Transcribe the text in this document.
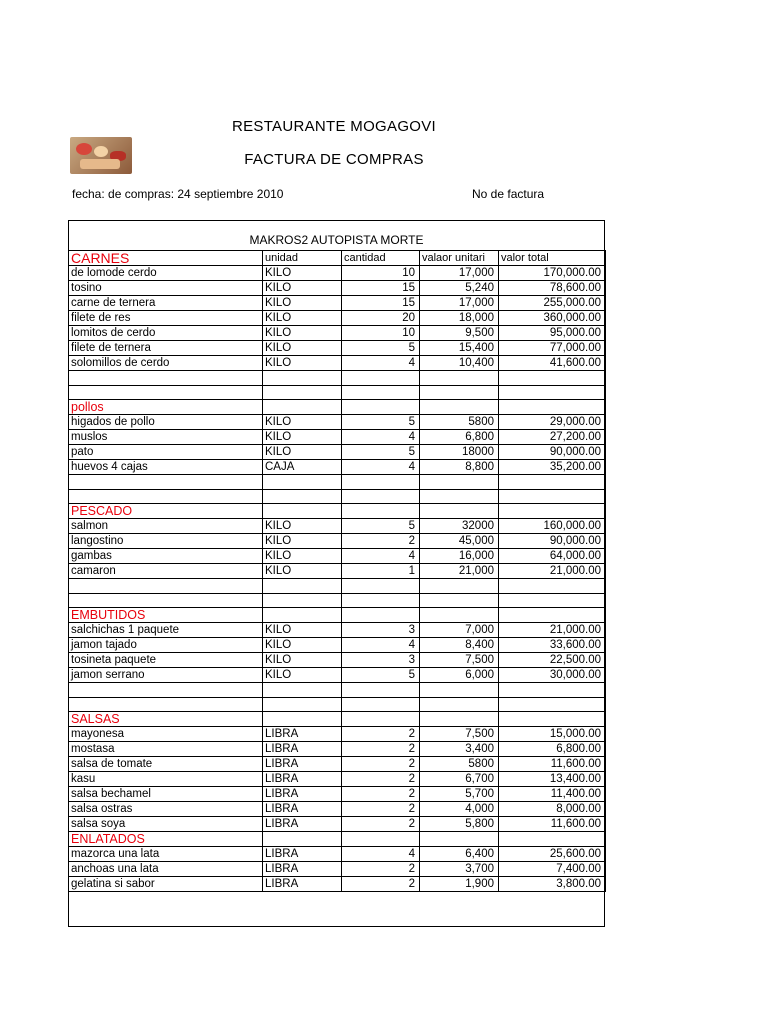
RESTAURANTE MOGAGOVI
FACTURA DE COMPRAS
fecha: de compras: 24 septiembre 2010	No de factura
MAKROS2 AUTOPISTA MORTE
CARNES	unidad	cantidad	valaor unitari	valor total
de lomode cerdo	KILO	10	17,000	170,000.00
tosino	KILO	15	5,240	78,600.00
carne de ternera	KILO	15	17,000	255,000.00
filete de res	KILO	20	18,000	360,000.00
lomitos de cerdo	KILO	10	9,500	95,000.00
filete de ternera	KILO	5	15,400	77,000.00
solomillos de cerdo	KILO	4	10,400	41,600.00

pollos				
higados de pollo	KILO	5	5800	29,000.00
muslos	KILO	4	6,800	27,200.00
pato	KILO	5	18000	90,000.00
huevos 4 cajas	CAJA	4	8,800	35,200.00

PESCADO				
salmon	KILO	5	32000	160,000.00
langostino	KILO	2	45,000	90,000.00
gambas	KILO	4	16,000	64,000.00
camaron	KILO	1	21,000	21,000.00

EMBUTIDOS				
salchichas 1 paquete	KILO	3	7,000	21,000.00
jamon tajado	KILO	4	8,400	33,600.00
tosineta paquete	KILO	3	7,500	22,500.00
jamon serrano	KILO	5	6,000	30,000.00

SALSAS				
mayonesa	LIBRA	2	7,500	15,000.00
mostasa	LIBRA	2	3,400	6,800.00
salsa de tomate	LIBRA	2	5800	11,600.00
kasu	LIBRA	2	6,700	13,400.00
salsa bechamel	LIBRA	2	5,700	11,400.00
salsa ostras	LIBRA	2	4,000	8,000.00
salsa soya	LIBRA	2	5,800	11,600.00
ENLATADOS				
mazorca una lata	LIBRA	4	6,400	25,600.00
anchoas una lata	LIBRA	2	3,700	7,400.00
gelatina si sabor	LIBRA	2	1,900	3,800.00
